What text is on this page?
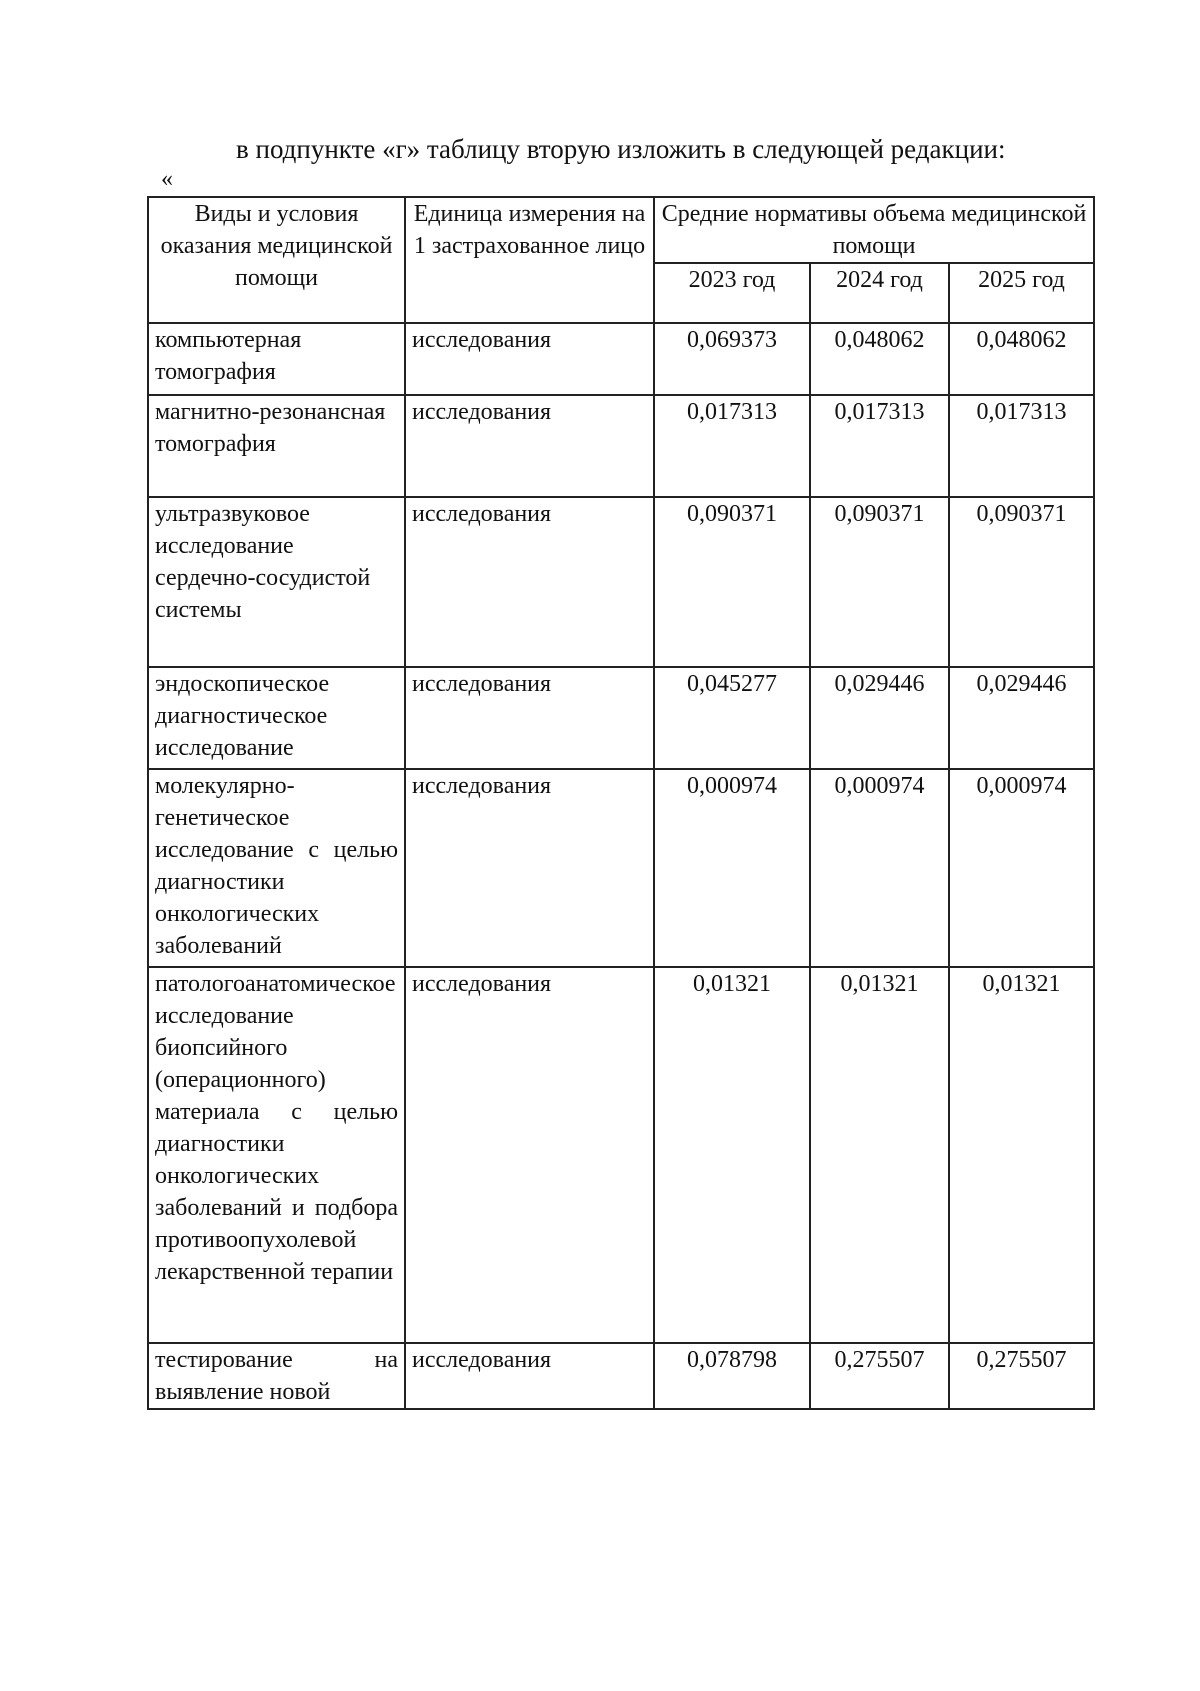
в подпункте «г» таблицу вторую изложить в следующей редакции:
«
Виды и условия оказания медицинской помощи	Единица измерения на 1 застрахованное лицо	Средние нормативы объема медицинской помощи		
		2023 год	2024 год	2025 год
компьютерная томография	исследования	0,069373	0,048062	0,048062
магнитно-резонансная томография	исследования	0,017313	0,017313	0,017313
ультразвуковое исследование сердечно-сосудистой системы	исследования	0,090371	0,090371	0,090371
эндоскопическое диагностическое исследование	исследования	0,045277	0,029446	0,029446
молекулярно-генетическое исследование с целью диагностики онкологических заболеваний	исследования	0,000974	0,000974	0,000974
патологоанатомическое исследование биопсийного (операционного) материала с целью диагностики онкологических заболеваний и подбора противоопухолевой лекарственной терапии	исследования	0,01321	0,01321	0,01321
тестирование на выявление новой	исследования	0,078798	0,275507	0,275507
